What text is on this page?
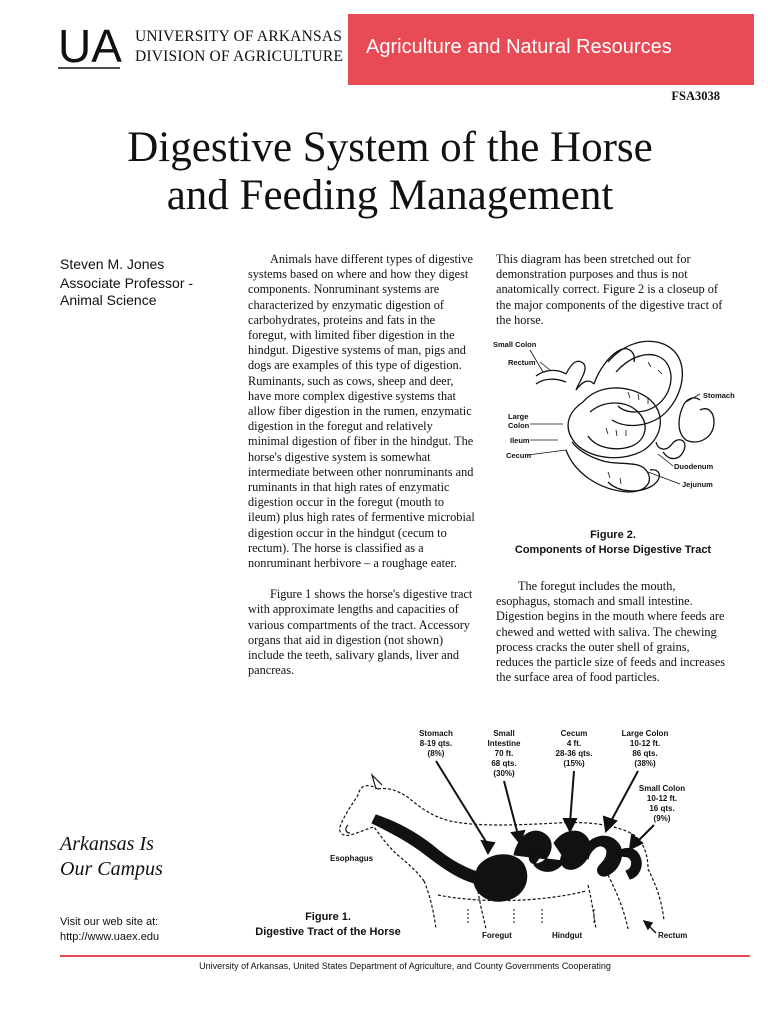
UA UNIVERSITY OF ARKANSAS
DIVISION OF AGRICULTURE Agriculture and Natural Resources
FSA3038
Digestive System of the Horse
and Feeding Management
Steven M. Jones
Associate Professor -
Animal Science

Animals have different types of digestive systems based on where and how they digest components. Nonruminant systems are characterized by enzymatic digestion of carbohydrates, proteins and fats in the foregut, with limited fiber digestion in the hindgut. Digestive systems of man, pigs and dogs are examples of this type of digestion. Ruminants, such as cows, sheep and deer, have more complex digestive systems that allow fiber digestion in the rumen, enzymatic digestion in the foregut and relatively minimal digestion of fiber in the hindgut. The horse's digestive system is somewhat intermediate between other nonruminants and ruminants in that high rates of enzymatic digestion occur in the foregut (mouth to ileum) plus high rates of fermentive microbial digestion occur in the hindgut (cecum to rectum). The horse is classified as a nonruminant herbivore – a roughage eater.

Figure 1 shows the horse's digestive tract with approximate lengths and capacities of various compartments of the tract. Accessory organs that aid in digestion (not shown) include the teeth, salivary glands, liver and pancreas.

This diagram has been stretched out for demonstration purposes and thus is not anatomically correct. Figure 2 is a closeup of the major components of the digestive tract of the horse.

Small Colon
Rectum
Stomach
Large
Colon
Ileum
Cecum
Duodenum
Jejunum
Figure 2.
Components of Horse Digestive Tract

The foregut includes the mouth, esophagus, stomach and small intestine. Digestion begins in the mouth where feeds are chewed and wetted with saliva. The chewing process cracks the outer shell of grains, reduces the particle size of feeds and increases the surface area of food particles.

Stomach
8-19 qts.
(8%)
Small
Intestine
70 ft.
68 qts.
(30%)
Cecum
4 ft.
28-36 qts.
(15%)
Large Colon
10-12 ft.
86 qts.
(38%)
Small Colon
10-12 ft.
16 qts.
(9%)
Esophagus
Foregut	Hindgut	Rectum
Figure 1.
Digestive Tract of the Horse
Arkansas Is
Our Campus
Visit our web site at:
http://www.uaex.edu
University of Arkansas, United States Department of Agriculture, and County Governments Cooperating
